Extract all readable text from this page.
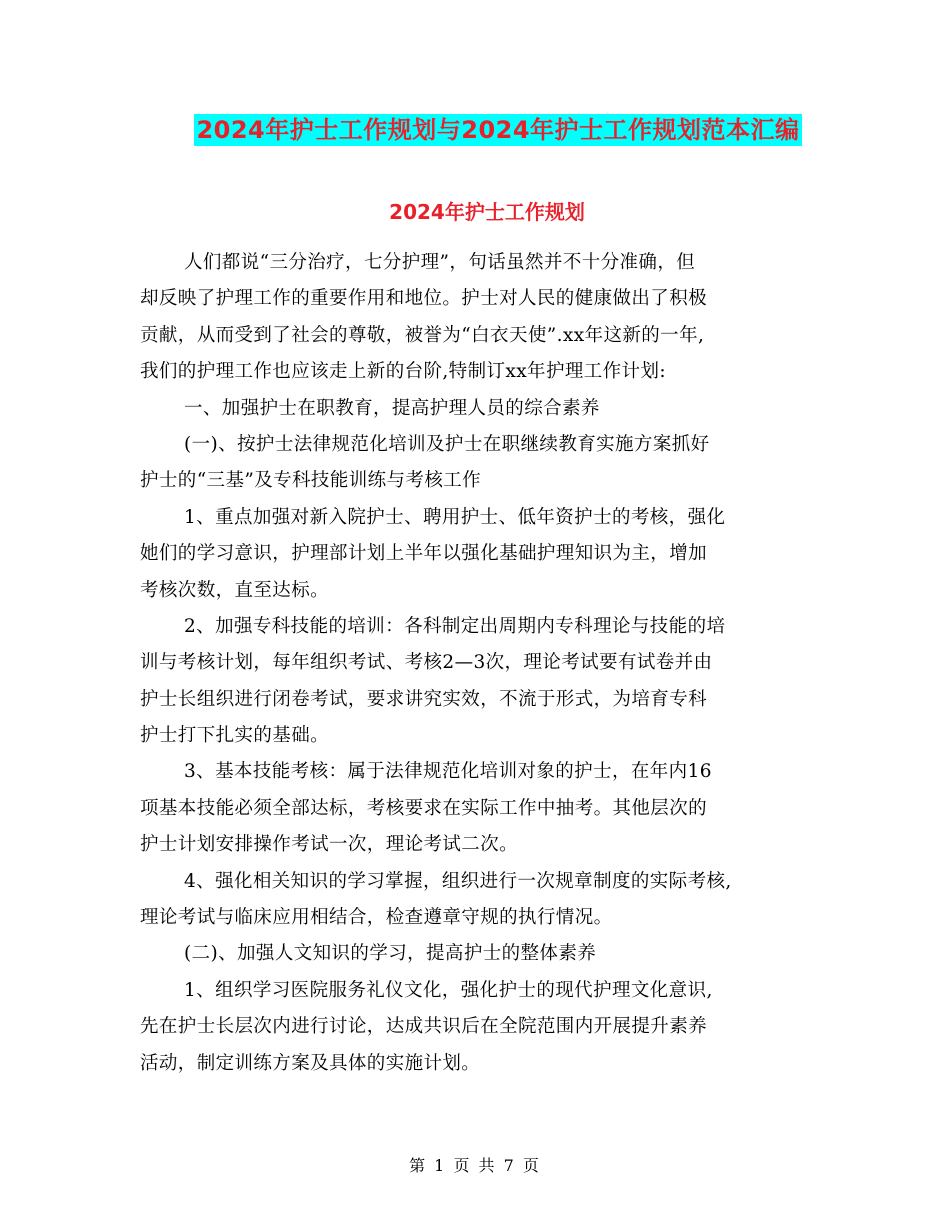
2024年护士工作规划与2024年护士工作规划范本汇编
2024年护士工作规划
人们都说“三分治疗，七分护理”，句话虽然并不十分准确，但
却反映了护理工作的重要作用和地位。护士对人民的健康做出了积极
贡献，从而受到了社会的尊敬，被誉为“白衣天使”.xx年这新的一年,
我们的护理工作也应该走上新的台阶,特制订xx年护理工作计划:
一、加强护士在职教育，提高护理人员的综合素养
(一)、按护士法律规范化培训及护士在职继续教育实施方案抓好
护士的“三基”及专科技能训练与考核工作
1、重点加强对新入院护士、聘用护士、低年资护士的考核，强化
她们的学习意识，护理部计划上半年以强化基础护理知识为主，增加
考核次数，直至达标。
2、加强专科技能的培训：各科制定出周期内专科理论与技能的培
训与考核计划，每年组织考试、考核2—3次，理论考试要有试卷并由
护士长组织进行闭卷考试，要求讲究实效，不流于形式，为培育专科
护士打下扎实的基础。
3、基本技能考核：属于法律规范化培训对象的护士，在年内16
项基本技能必须全部达标，考核要求在实际工作中抽考。其他层次的
护士计划安排操作考试一次，理论考试二次。
4、强化相关知识的学习掌握，组织进行一次规章制度的实际考核,
理论考试与临床应用相结合，检查遵章守规的执行情况。
(二)、加强人文知识的学习，提高护士的整体素养
1、组织学习医院服务礼仪文化，强化护士的现代护理文化意识,
先在护士长层次内进行讨论，达成共识后在全院范围内开展提升素养
活动，制定训练方案及具体的实施计划。
第 1 页 共 7 页
